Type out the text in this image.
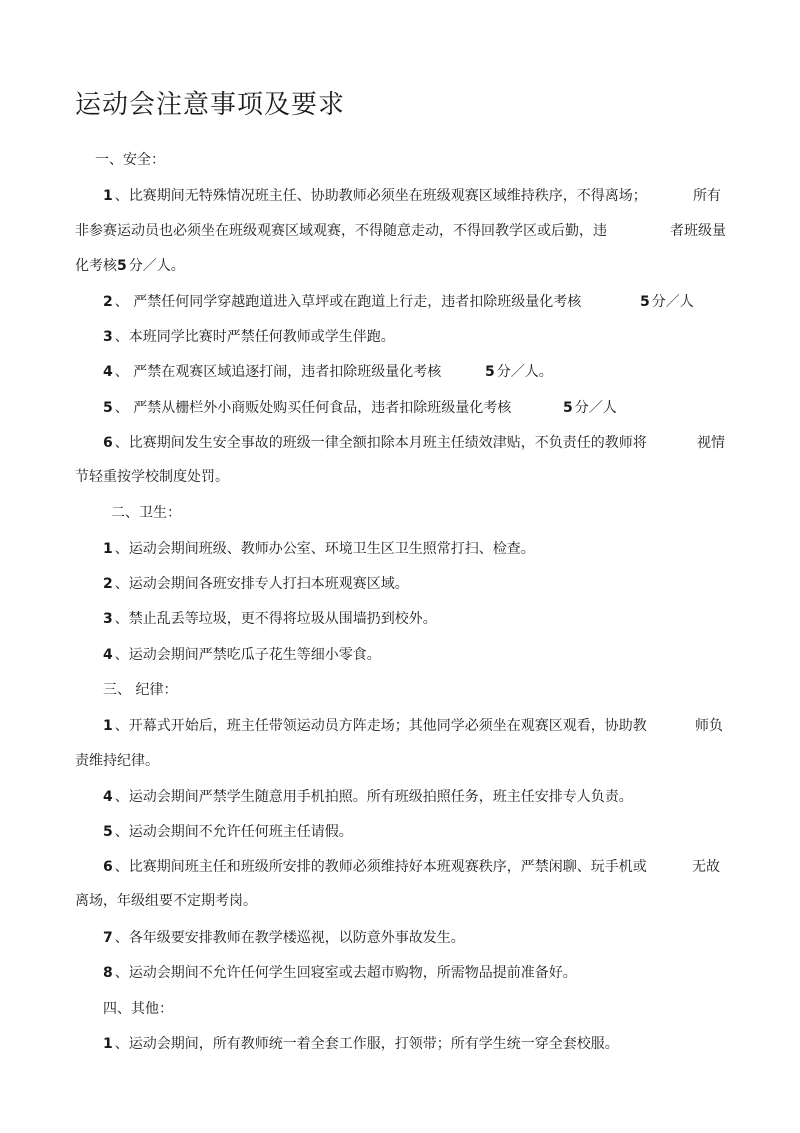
运动会注意事项及要求
一、安全：
1 、比赛期间无特殊情况班主任、协助教师必须坐在班级观赛区域维持秩序，不得离场；	所有
非参赛运动员也必须坐在班级观赛区域观赛，不得随意走动，不得回教学区或后勤，违	者班级量
化考核5 分／人。
2 、 严禁任何同学穿越跑道进入草坪或在跑道上行走，违者扣除班级量化考核	5 分／人
3 、本班同学比赛时严禁任何教师或学生伴跑。
4 、 严禁在观赛区域追逐打闹，违者扣除班级量化考核	5 分／人。
5 、 严禁从栅栏外小商贩处购买任何食品，违者扣除班级量化考核	5 分／人
6 、比赛期间发生安全事故的班级一律全额扣除本月班主任绩效津贴，不负责任的教师将	视情
节轻重按学校制度处罚。
二、卫生：
1 、运动会期间班级、教师办公室、环境卫生区卫生照常打扫、检查。
2 、运动会期间各班安排专人打扫本班观赛区域。
3 、禁止乱丢等垃圾，更不得将垃圾从围墙扔到校外。
4 、运动会期间严禁吃瓜子花生等细小零食。
三、 纪律：
1 、开幕式开始后，班主任带领运动员方阵走场；其他同学必须坐在观赛区观看，协助教	师负
责维持纪律。
4 、运动会期间严禁学生随意用手机拍照。所有班级拍照任务，班主任安排专人负责。
5 、运动会期间不允许任何班主任请假。
6 、比赛期间班主任和班级所安排的教师必须维持好本班观赛秩序，严禁闲聊、玩手机或	无故
离场，年级组要不定期考岗。
7 、各年级要安排教师在教学楼巡视，以防意外事故发生。
8 、运动会期间不允许任何学生回寝室或去超市购物，所需物品提前准备好。
四、其他：
1 、运动会期间，所有教师统一着全套工作服，打领带；所有学生统一穿全套校服。
